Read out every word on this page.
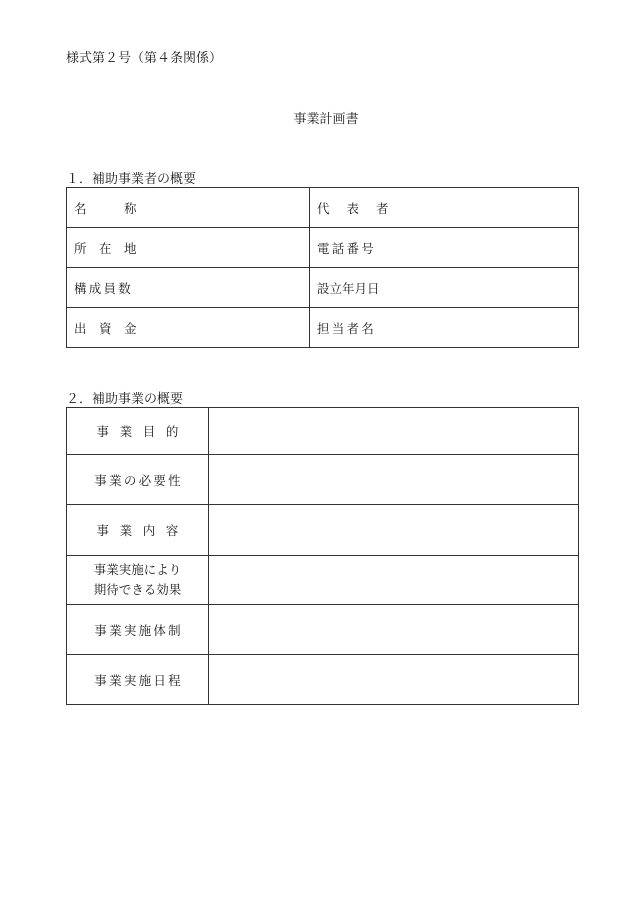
様式第２号（第４条関係）
事業計画書
１．補助事業者の概要
名　　　称	代　表　者
所　在　地	電話番号
構成員数	設立年月日
出　資　金	担当者名
２．補助事業の概要
事業目的	
事業の必要性	
事業内容	

事業実施により
期待できる効果	

事業実施体制	
事業実施日程	
